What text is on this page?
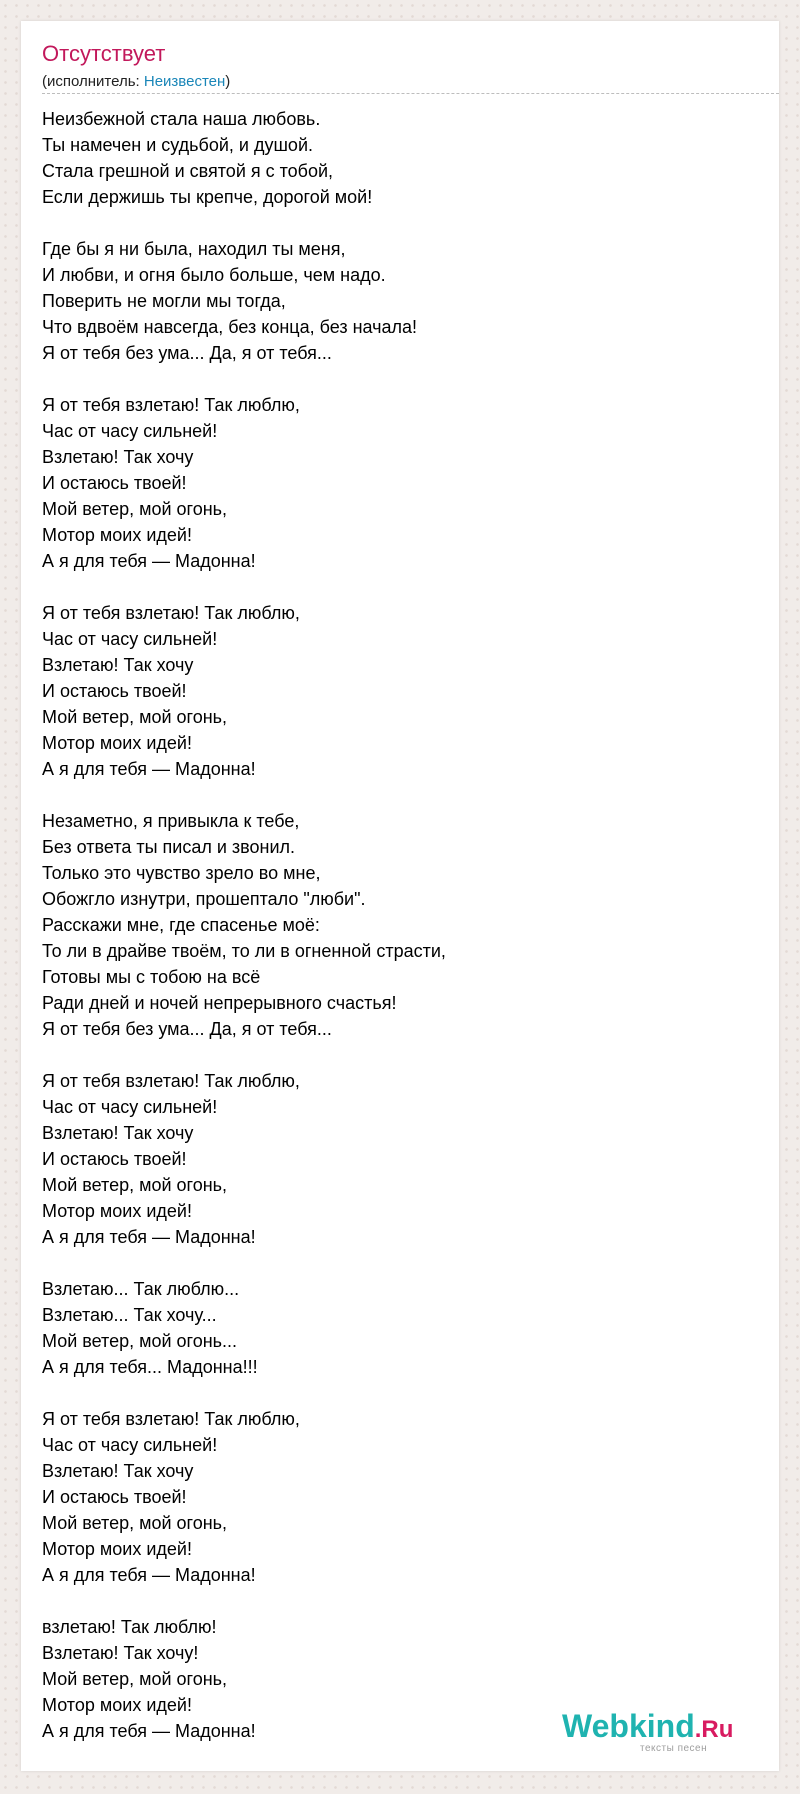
Отсутствует
(исполнитель: Неизвестен)
Неизбежной стала наша любовь.
Ты намечен и судьбой, и душой.
Стала грешной и святой я с тобой,
Если держишь ты крепче, дорогой мой!
Где бы я ни была, находил ты меня,
И любви, и огня было больше, чем надо.
Поверить не могли мы тогда,
Что вдвоём навсегда, без конца, без начала!
Я от тебя без ума... Да, я от тебя...
Я от тебя взлетаю! Так люблю,
Час от часу сильней!
Взлетаю! Так хочу
И остаюсь твоей!
Мой ветер, мой огонь,
Мотор моих идей!
А я для тебя — Мадонна!
Я от тебя взлетаю! Так люблю,
Час от часу сильней!
Взлетаю! Так хочу
И остаюсь твоей!
Мой ветер, мой огонь,
Мотор моих идей!
А я для тебя — Мадонна!
Незаметно, я привыкла к тебе,
Без ответа ты писал и звонил.
Только это чувство зрело во мне,
Обожгло изнутри, прошептало "люби".
Расскажи мне, где спасенье моё:
То ли в драйве твоём, то ли в огненной страсти,
Готовы мы с тобою на всё
Ради дней и ночей непрерывного счастья!
Я от тебя без ума... Да, я от тебя...
Я от тебя взлетаю! Так люблю,
Час от часу сильней!
Взлетаю! Так хочу
И остаюсь твоей!
Мой ветер, мой огонь,
Мотор моих идей!
А я для тебя — Мадонна!
Взлетаю... Так люблю...
Взлетаю... Так хочу...
Мой ветер, мой огонь...
А я для тебя... Мадонна!!!
Я от тебя взлетаю! Так люблю,
Час от часу сильней!
Взлетаю! Так хочу
И остаюсь твоей!
Мой ветер, мой огонь,
Мотор моих идей!
А я для тебя — Мадонна!
взлетаю! Так люблю!
Взлетаю! Так хочу!
Мой ветер, мой огонь,
Мотор моих идей!
А я для тебя — Мадонна!	Webkind.Ru
тексты песен
